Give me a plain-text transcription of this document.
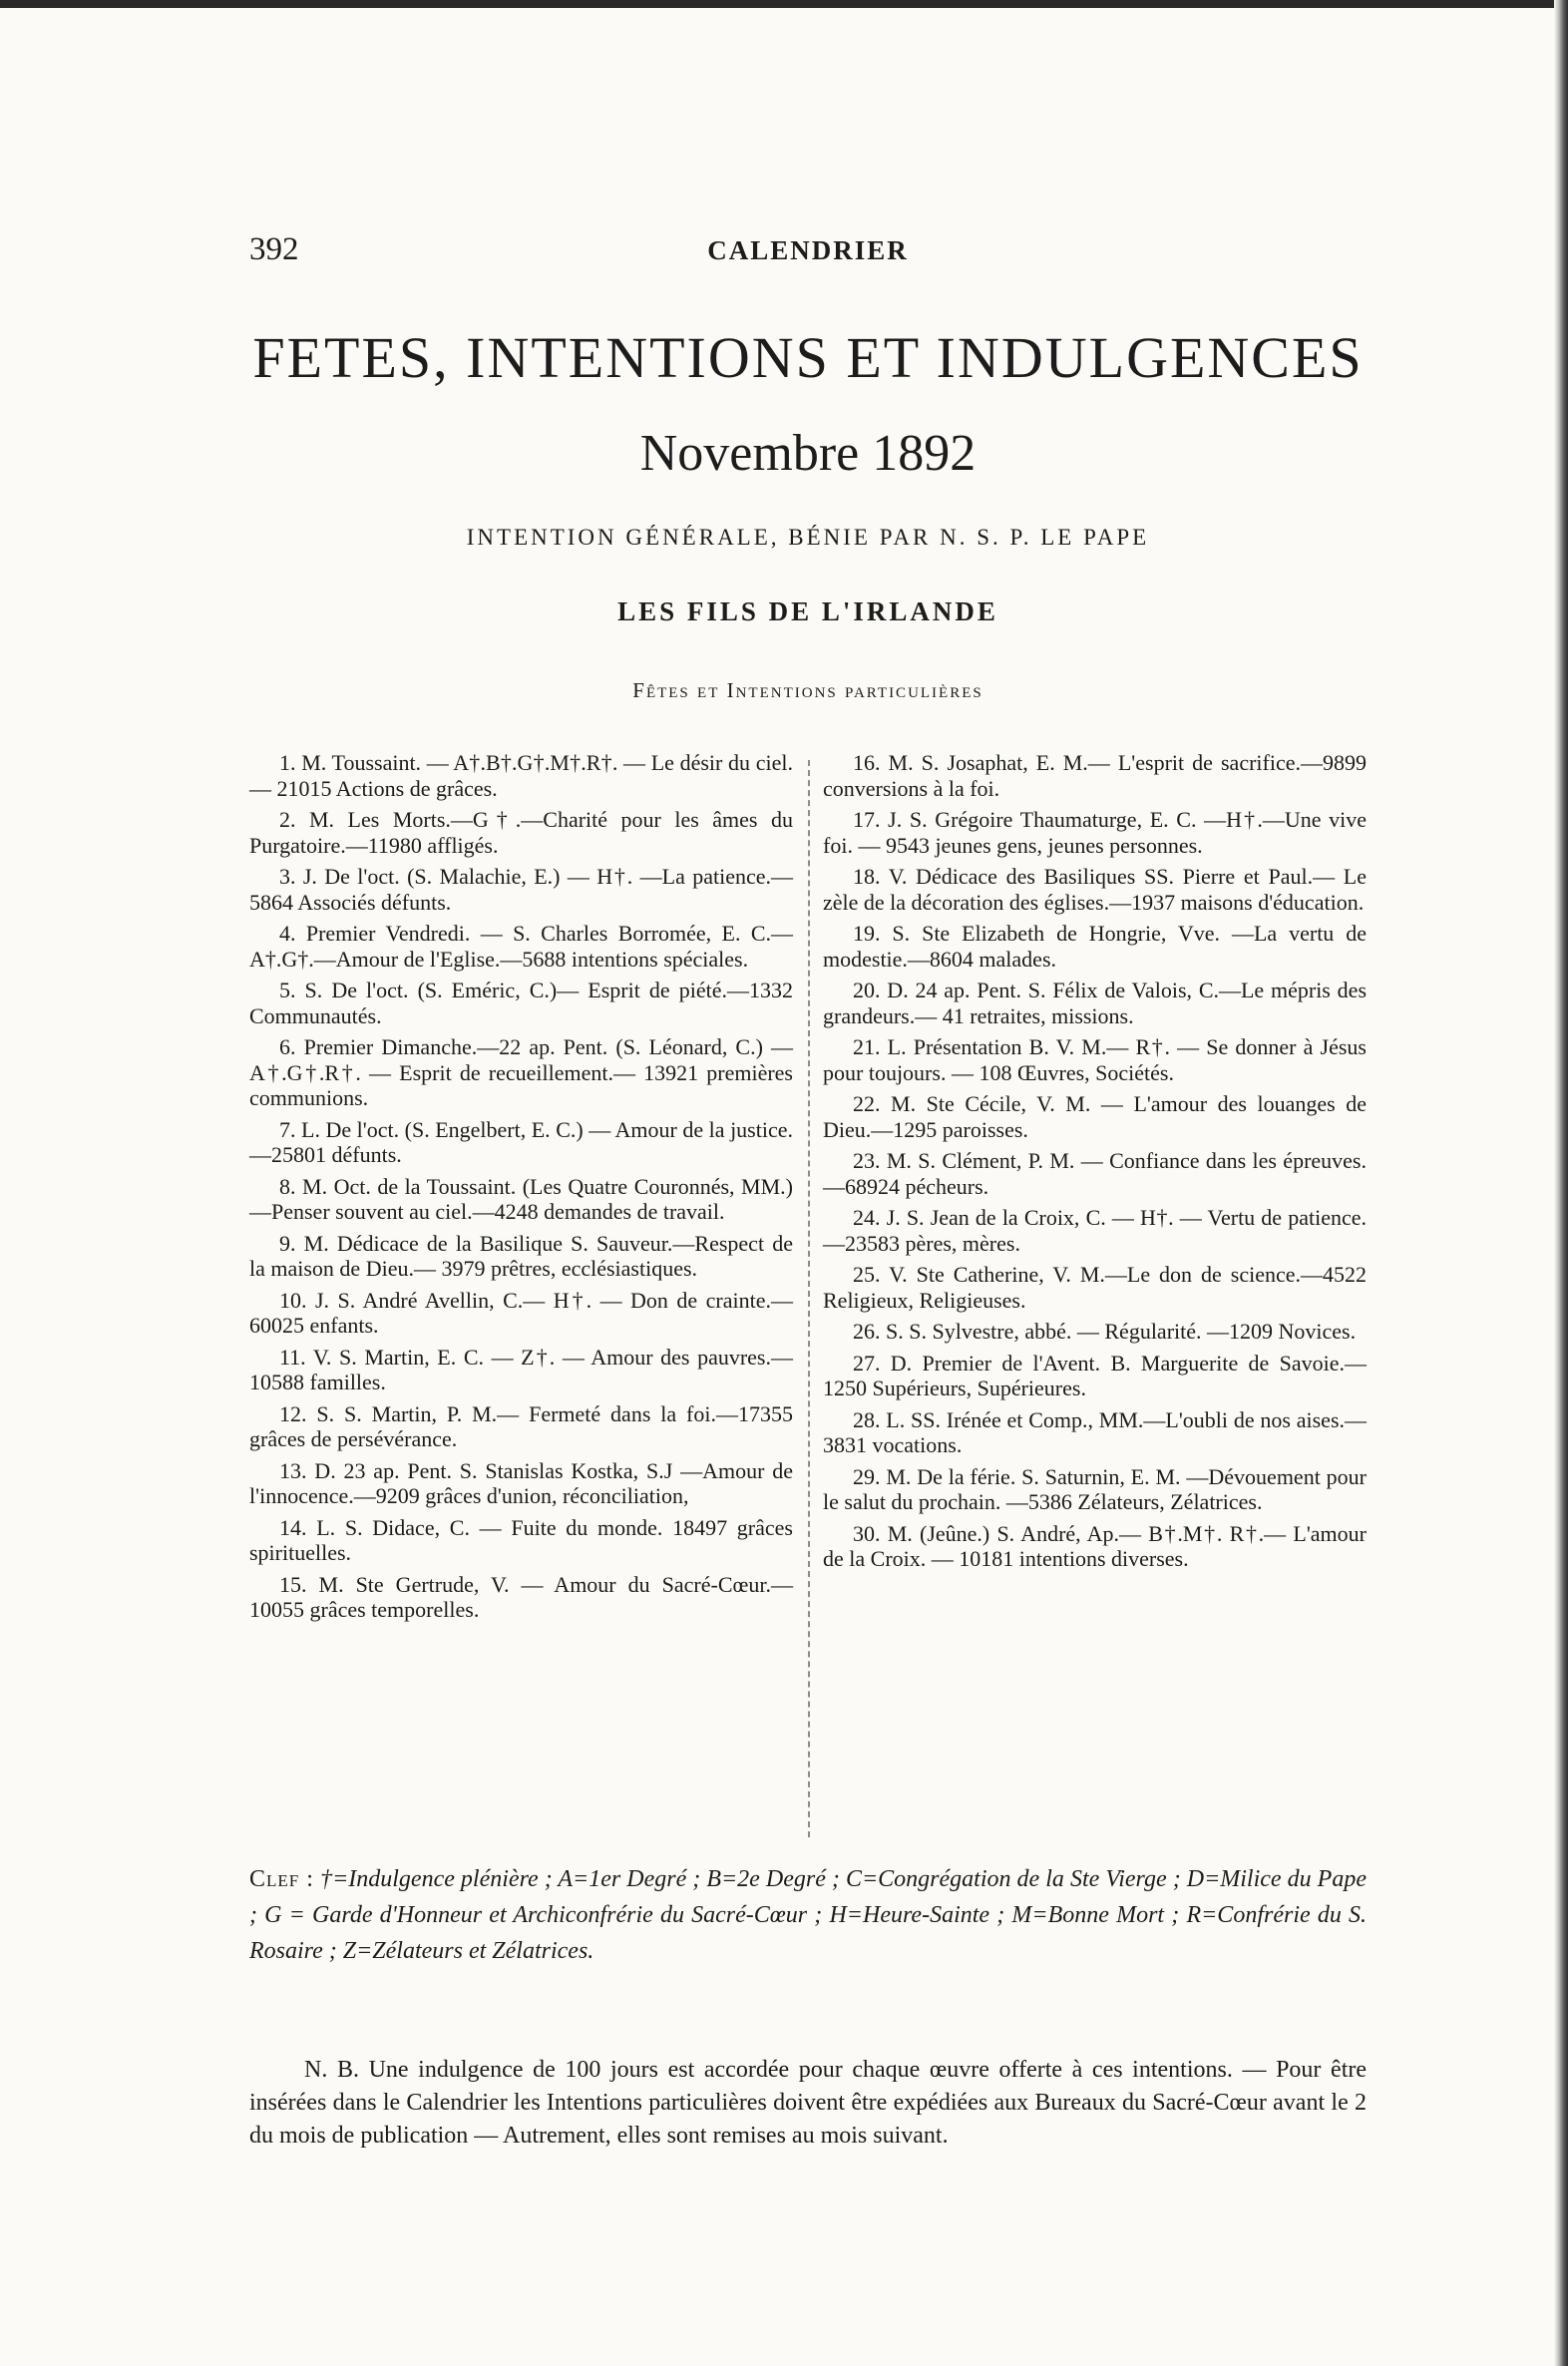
392	CALENDRIER
FETES, INTENTIONS ET INDULGENCES
Novembre 1892
INTENTION GÉNÉRALE, BÉNIE PAR N. S. P. LE PAPE
LES FILS DE L'IRLANDE
Fêtes et Intentions particulières

1. M. Toussaint. — A†.B†.G†.M†.R†. — Le désir du ciel. — 21015 Actions de grâces.

2. M. Les Morts.—G†.—Charité pour les âmes du Purgatoire.—11980 affligés.

3. J. De l'oct. (S. Malachie, E.) — H†. —La patience.—5864 Associés défunts.

4. Premier Vendredi. — S. Charles Borromée, E. C.—A†.G†.—Amour de l'Eglise.—5688 intentions spéciales.

5. S. De l'oct. (S. Eméric, C.)— Esprit de piété.—1332 Communautés.

6. Premier Dimanche.—22 ap. Pent. (S. Léonard, C.) — A†.G†.R†. — Esprit de recueillement.— 13921 premières communions.

7. L. De l'oct. (S. Engelbert, E. C.) — Amour de la justice.—25801 défunts.

8. M. Oct. de la Toussaint. (Les Quatre Couronnés, MM.)—Penser souvent au ciel.—4248 demandes de travail.

9. M. Dédicace de la Basilique S. Sauveur.—Respect de la maison de Dieu.— 3979 prêtres, ecclésiastiques.

10. J. S. André Avellin, C.— H†. — Don de crainte.—60025 enfants.

11. V. S. Martin, E. C. — Z†. — Amour des pauvres.—10588 familles.

12. S. S. Martin, P. M.— Fermeté dans la foi.—17355 grâces de persévérance.

13. D. 23 ap. Pent. S. Stanislas Kostka, S.J —Amour de l'innocence.—9209 grâces d'union, réconciliation,

14. L. S. Didace, C. — Fuite du monde. 18497 grâces spirituelles.

15. M. Ste Gertrude, V. — Amour du Sacré-Cœur.—10055 grâces temporelles.

16. M. S. Josaphat, E. M.— L'esprit de sacrifice.—9899 conversions à la foi.

17. J. S. Grégoire Thaumaturge, E. C. —H†.—Une vive foi. — 9543 jeunes gens, jeunes personnes.

18. V. Dédicace des Basiliques SS. Pierre et Paul.— Le zèle de la décoration des églises.—1937 maisons d'éducation.

19. S. Ste Elizabeth de Hongrie, Vve. —La vertu de modestie.—8604 malades.

20. D. 24 ap. Pent. S. Félix de Valois, C.—Le mépris des grandeurs.— 41 retraites, missions.

21. L. Présentation B. V. M.— R†. — Se donner à Jésus pour toujours. — 108 Œuvres, Sociétés.

22. M. Ste Cécile, V. M. — L'amour des louanges de Dieu.—1295 paroisses.

23. M. S. Clément, P. M. — Confiance dans les épreuves.—68924 pécheurs.

24. J. S. Jean de la Croix, C. — H†. — Vertu de patience.—23583 pères, mères.

25. V. Ste Catherine, V. M.—Le don de science.—4522 Religieux, Religieuses.

26. S. S. Sylvestre, abbé. — Régularité. —1209 Novices.

27. D. Premier de l'Avent. B. Marguerite de Savoie.— 1250 Supérieurs, Supérieures.

28. L. SS. Irénée et Comp., MM.—L'oubli de nos aises.—3831 vocations.

29. M. De la férie. S. Saturnin, E. M. —Dévouement pour le salut du prochain. —5386 Zélateurs, Zélatrices.

30. M. (Jeûne.) S. André, Ap.— B†.M†. R†.— L'amour de la Croix. — 10181 intentions diverses.

Clef : †=Indulgence plénière ; A=1er Degré ; B=2e Degré ; C=Congrégation de la Ste Vierge ; D=Milice du Pape ; G = Garde d'Honneur et Archiconfrérie du Sacré-Cœur ; H=Heure-Sainte ; M=Bonne Mort ; R=Confrérie du S. Rosaire ; Z=Zélateurs et Zélatrices.

N. B. Une indulgence de 100 jours est accordée pour chaque œuvre offerte à ces intentions. — Pour être insérées dans le Calendrier les Intentions particulières doivent être expédiées aux Bureaux du Sacré-Cœur avant le 2 du mois de publication — Autrement, elles sont remises au mois suivant.
